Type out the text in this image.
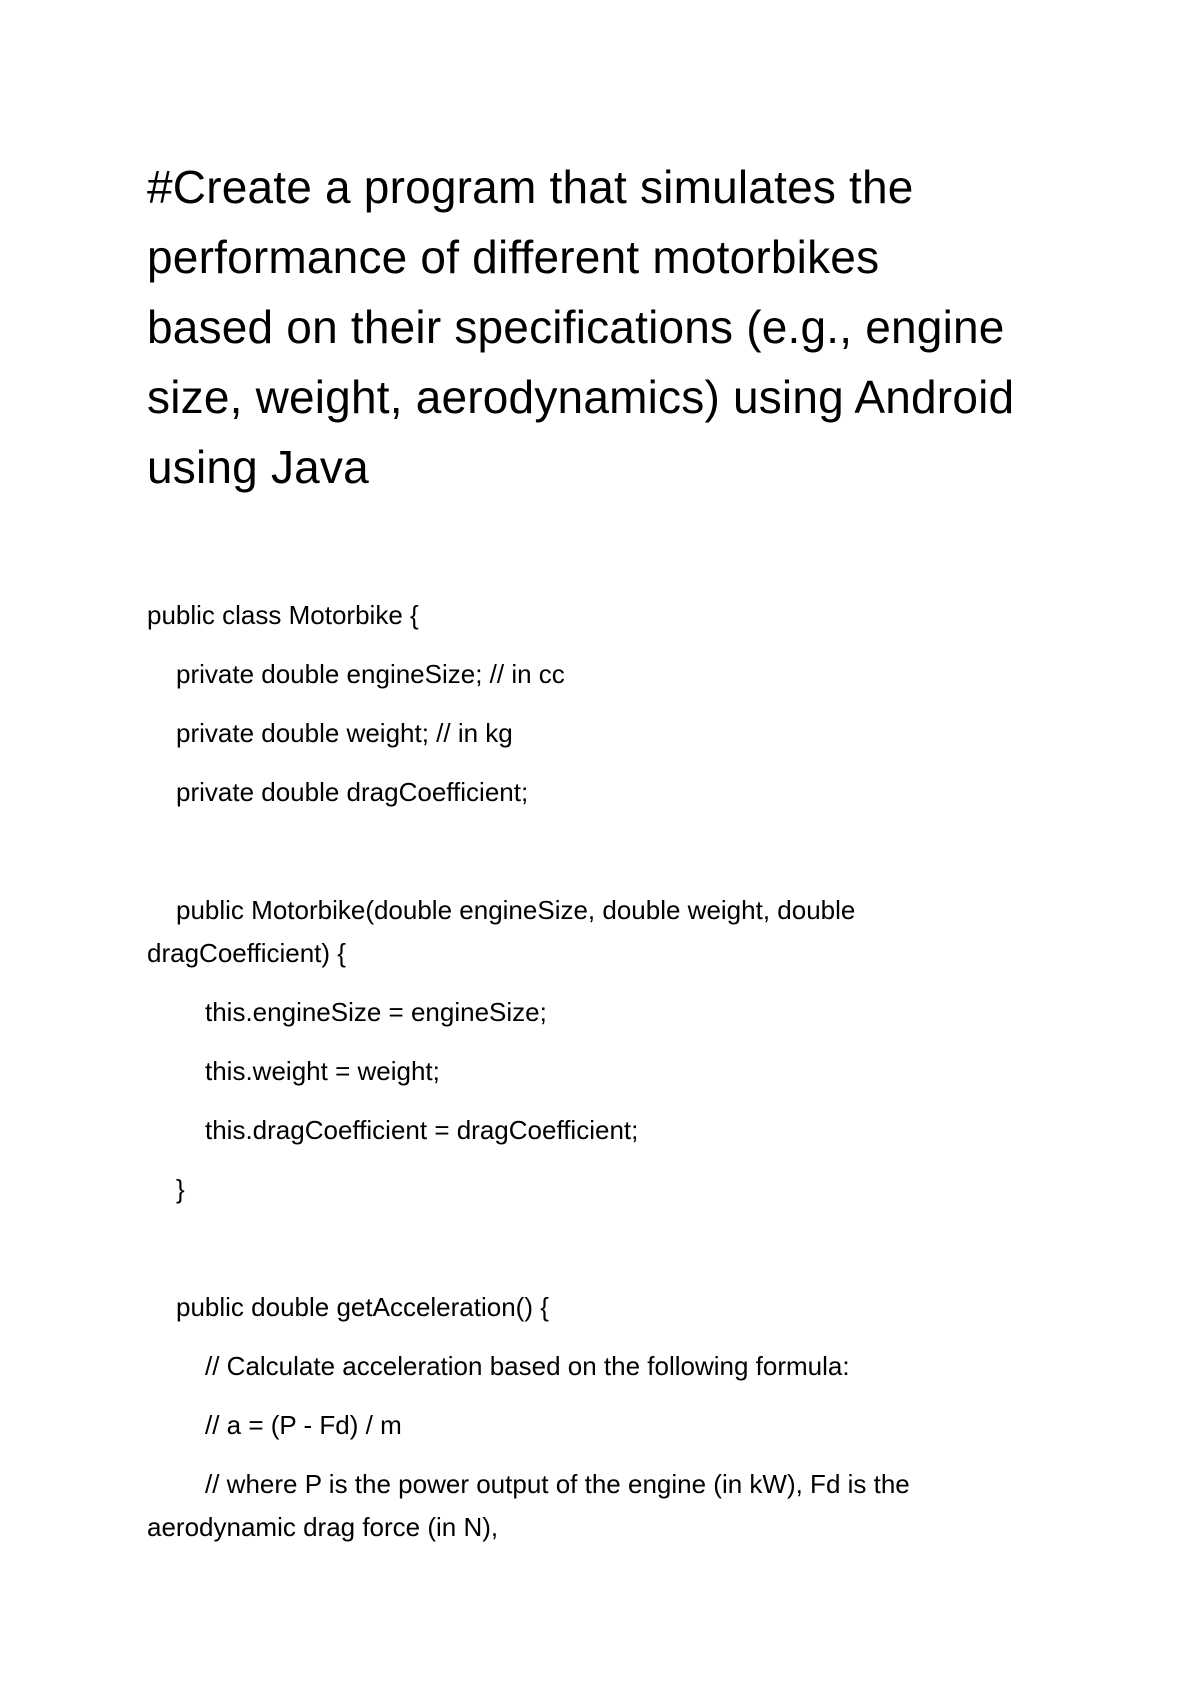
#Create a program that simulates the
performance of different motorbikes
based on their specifications (e.g., engine
size, weight, aerodynamics) using Android
using Java

public class Motorbike {

private double engineSize; // in cc

private double weight; // in kg

private double dragCoefficient;

public Motorbike(double engineSize, double weight, double

dragCoefficient) {

this.engineSize = engineSize;

this.weight = weight;

this.dragCoefficient = dragCoefficient;

}

public double getAcceleration() {

// Calculate acceleration based on the following formula:

// a = (P - Fd) / m

// where P is the power output of the engine (in kW), Fd is the

aerodynamic drag force (in N),
